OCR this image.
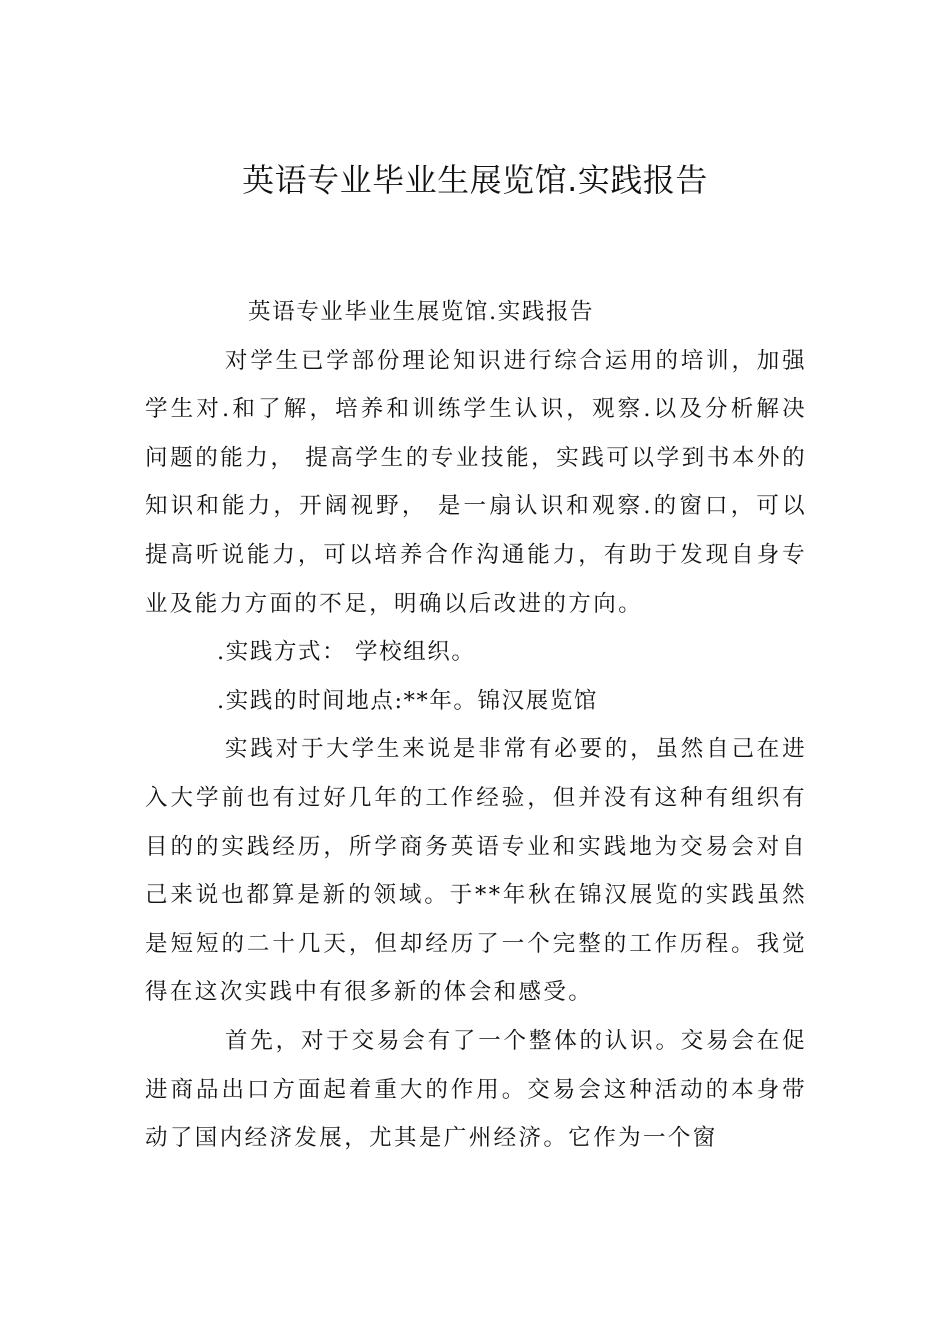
英语专业毕业生展览馆.实践报告

英语专业毕业生展览馆.实践报告

对学生已学部份理论知识进行综合运用的培训，加强学生对.和了解，培养和训练学生认识，观察.以及分析解决问题的能力， 提高学生的专业技能，实践可以学到书本外的知识和能力，开阔视野， 是一扇认识和观察.的窗口，可以提高听说能力，可以培养合作沟通能力，有助于发现自身专业及能力方面的不足，明确以后改进的方向。

.实践方式： 学校组织。

.实践的时间地点:**年。锦汉展览馆

实践对于大学生来说是非常有必要的，虽然自己在进入大学前也有过好几年的工作经验，但并没有这种有组织有目的的实践经历，所学商务英语专业和实践地为交易会对自己来说也都算是新的领域。于**年秋在锦汉展览的实践虽然是短短的二十几天，但却经历了一个完整的工作历程。我觉得在这次实践中有很多新的体会和感受。

首先，对于交易会有了一个整体的认识。交易会在促进商品出口方面起着重大的作用。交易会这种活动的本身带动了国内经济发展，尤其是广州经济。它作为一个窗
